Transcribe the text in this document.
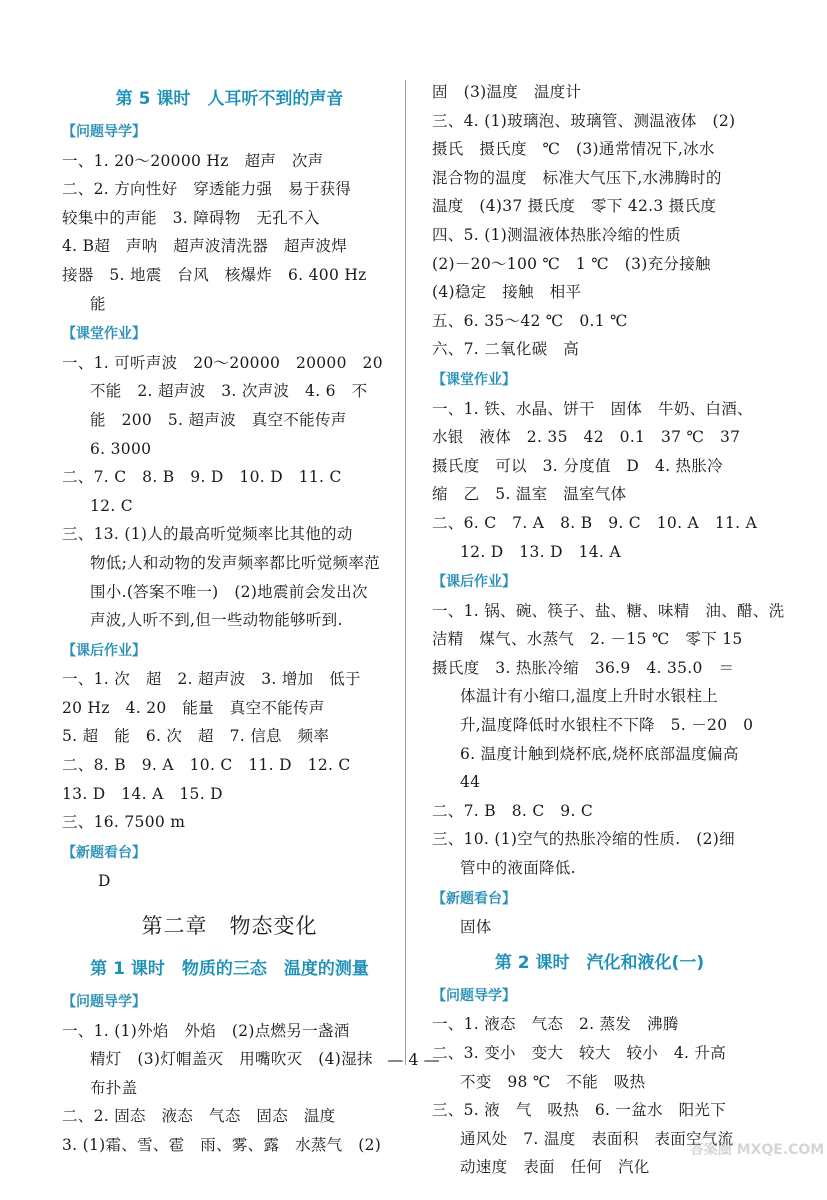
第 5 课时　人耳听不到的声音
【问题导学】
一、1. 20～20000 Hz　超声　次声
二、2. 方向性好　穿透能力强　易于获得
较集中的声能　3. 障碍物　无孔不入
4. B超　声呐　超声波清洗器　超声波焊
接器　5. 地震　台风　核爆炸　6. 400 Hz
能
【课堂作业】
一、1. 可听声波　20～20000　20000　20
不能　2. 超声波　3. 次声波　4. 6　不
能　200　5. 超声波　真空不能传声
6. 3000
二、7. C　8. B　9. D　10. D　11. C
12. C
三、13. (1)人的最高听觉频率比其他的动
物低;人和动物的发声频率都比听觉频率范
围小.(答案不唯一)　(2)地震前会发出次
声波,人听不到,但一些动物能够听到.
【课后作业】
一、1. 次　超　2. 超声波　3. 增加　低于
20 Hz　4. 20　能量　真空不能传声
5. 超　能　6. 次　超　7. 信息　频率
二、8. B　9. A　10. C　11. D　12. C
13. D　14. A　15. D
三、16. 7500 m
【新题看台】
D
第二章　物态变化
第 1 课时　物质的三态　温度的测量
【问题导学】
一、1. (1)外焰　外焰　(2)点燃另一盏酒
精灯　(3)灯帽盖灭　用嘴吹灭　(4)湿抹
布扑盖
二、2. 固态　液态　气态　固态　温度
3. (1)霜、雪、雹　雨、雾、露　水蒸气　(2)
固　(3)温度　温度计
三、4. (1)玻璃泡、玻璃管、测温液体　(2)
摄氏　摄氏度　℃　(3)通常情况下,冰水
混合物的温度　标准大气压下,水沸腾时的
温度　(4)37 摄氏度　零下 42.3 摄氏度
四、5. (1)测温液体热胀冷缩的性质
(2)－20～100 ℃　1 ℃　(3)充分接触
(4)稳定　接触　相平
五、6. 35～42 ℃　0.1 ℃
六、7. 二氧化碳　高
【课堂作业】
一、1. 铁、水晶、饼干　固体　牛奶、白酒、
水银　液体　2. 35　42　0.1　37 ℃　37
摄氏度　可以　3. 分度值　D　4. 热胀冷
缩　乙　5. 温室　温室气体
二、6. C　7. A　8. B　9. C　10. A　11. A
12. D　13. D　14. A
【课后作业】
一、1. 锅、碗、筷子、盐、糖、味精　油、醋、洗
洁精　煤气、水蒸气　2. －15 ℃　零下 15
摄氏度　3. 热胀冷缩　36.9　4. 35.0　＝
体温计有小缩口,温度上升时水银柱上
升,温度降低时水银柱不下降　5. －20　0
6. 温度计触到烧杯底,烧杯底部温度偏高
44
二、7. B　8. C　9. C
三、10. (1)空气的热胀冷缩的性质.　(2)细
管中的液面降低.
【新题看台】
固体
第 2 课时　汽化和液化(一)
【问题导学】
一、1. 液态　气态　2. 蒸发　沸腾
二、3. 变小　变大　较大　较小　4. 升高
不变　98 ℃　不能　吸热
三、5. 液　气　吸热　6. 一盆水　阳光下
通风处　7. 温度　表面积　表面空气流
动速度　表面　任何　汽化
— 4 —
答案圈 MXQE.COM
